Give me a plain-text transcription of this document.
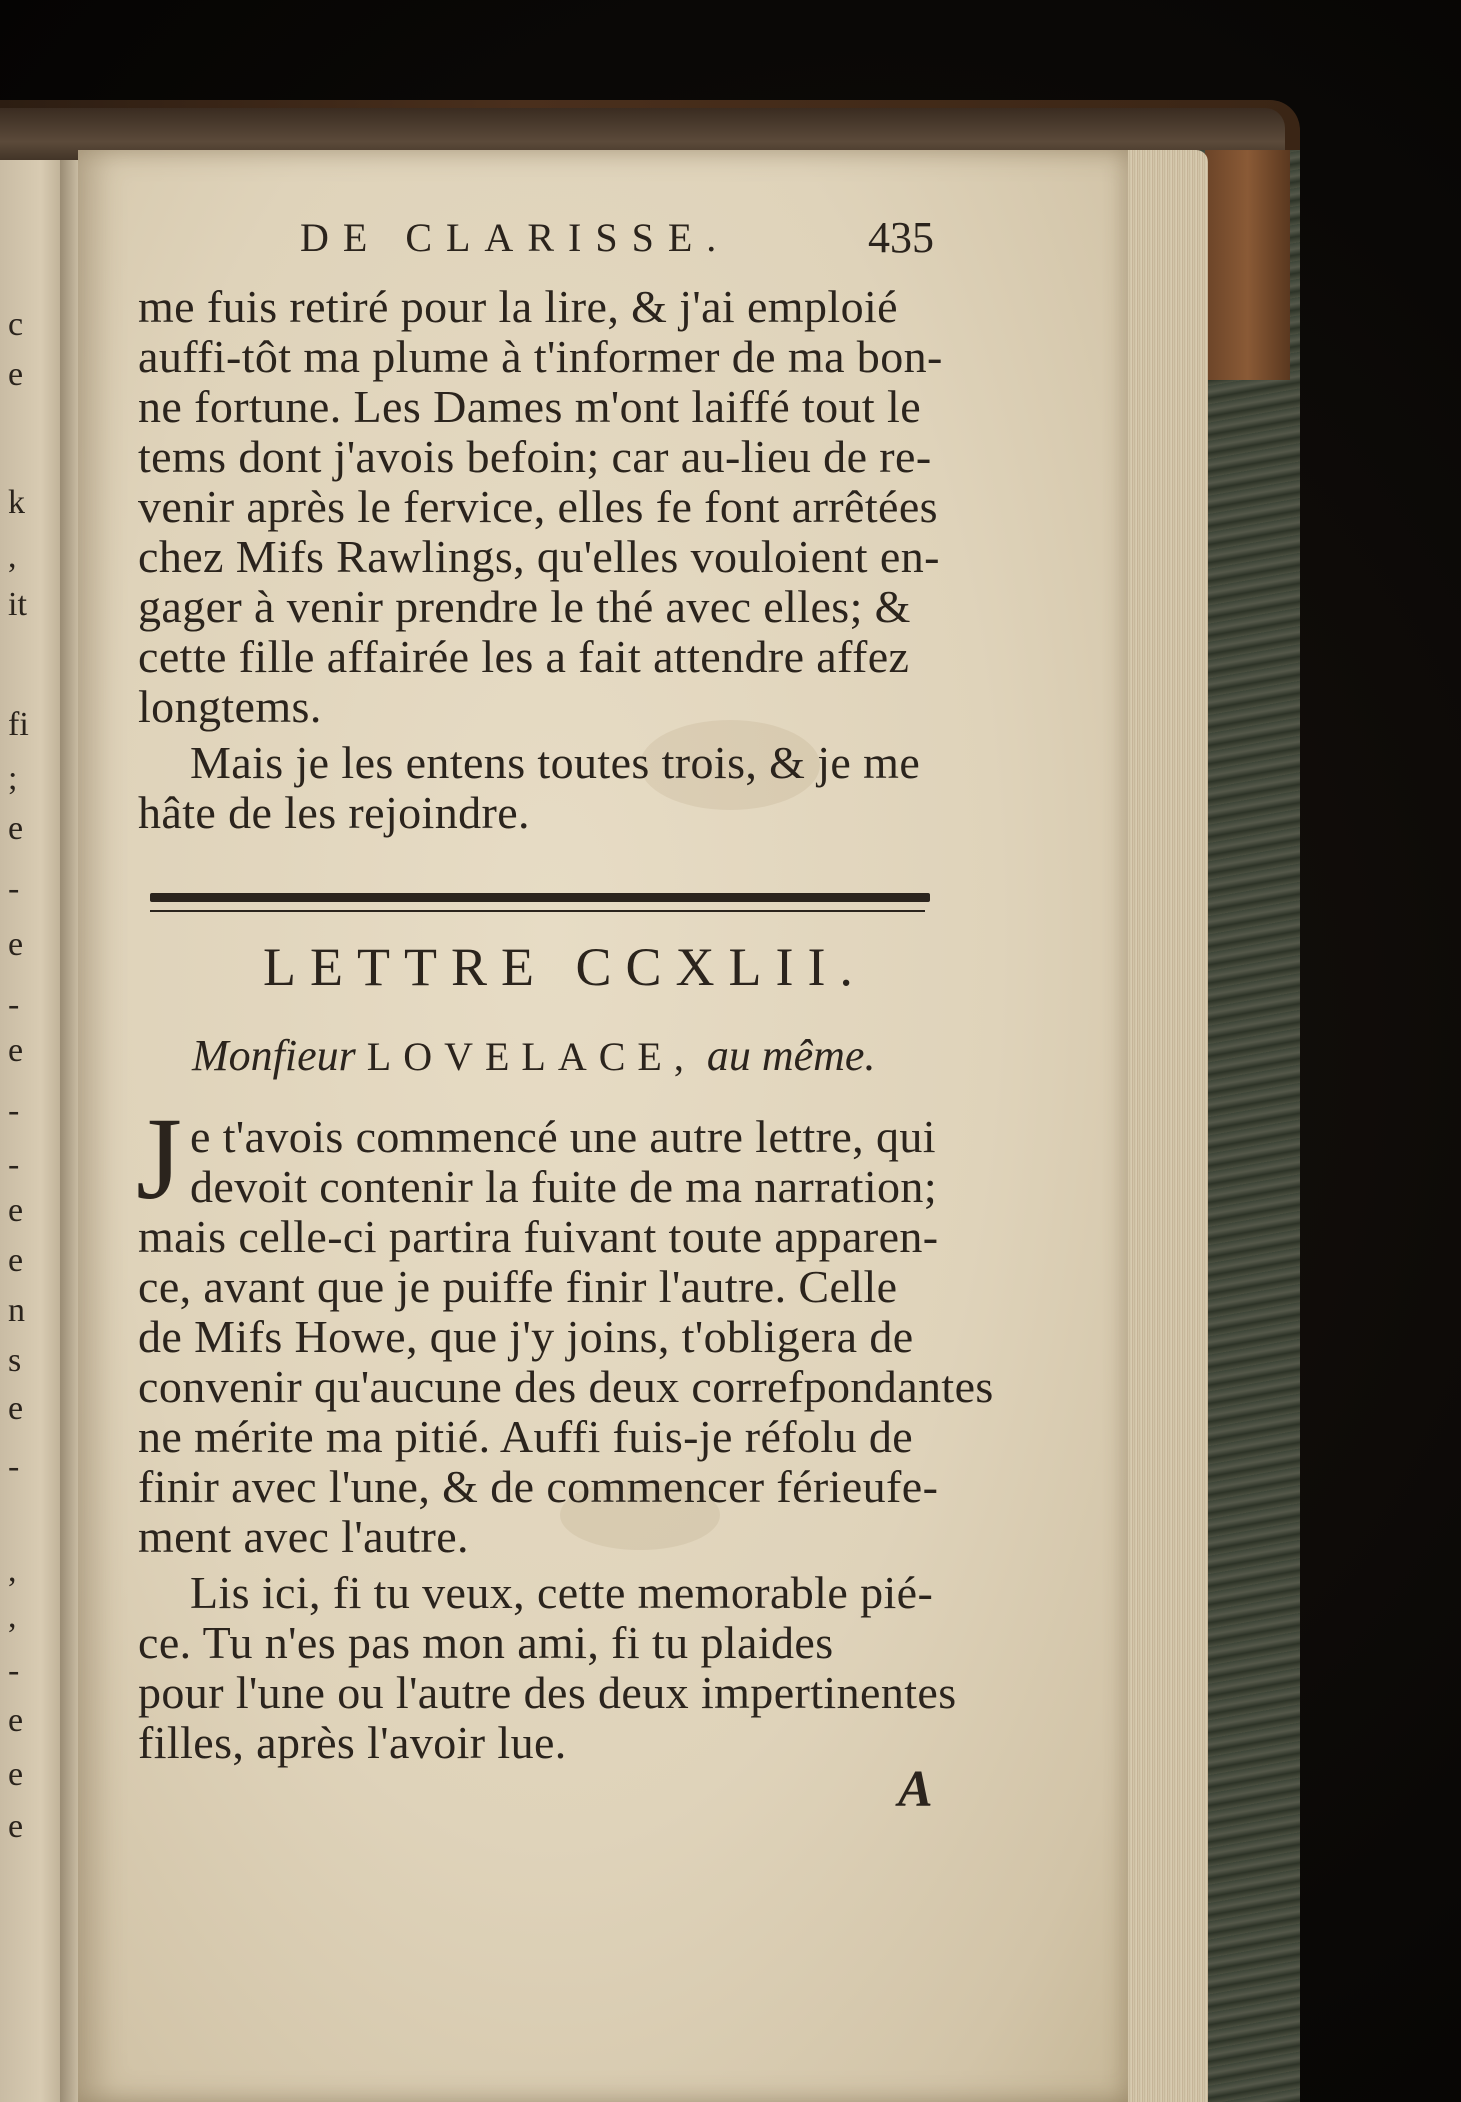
c
e
k
,
it
fi
;
e
-
e
-
e
-
-
e
e
n
s
e
-
,
,
-
e
e
e
DE CLARISSE.	435
me fuis retiré pour la lire, & j'ai emploié
auffi-tôt ma plume à t'informer de ma bon-
ne fortune. Les Dames m'ont laiffé tout le
tems dont j'avois befoin; car au-lieu de re-
venir après le fervice, elles fe font arrêtées
chez Mifs Rawlings, qu'elles vouloient en-
gager à venir prendre le thé avec elles; &
cette fille affairée les a fait attendre affez
longtems.
Mais je les entens toutes trois, & je me
hâte de les rejoindre.
LETTRE CCXLII.
Monfieur LOVELACE, au même.
J e t'avois commencé une autre lettre, qui
devoit contenir la fuite de ma narration;
mais celle-ci partira fuivant toute apparen-
ce, avant que je puiffe finir l'autre. Celle
de Mifs Howe, que j'y joins, t'obligera de
convenir qu'aucune des deux correfpondantes
ne mérite ma pitié. Auffi fuis-je réfolu de
finir avec l'une, & de commencer férieufe-
ment avec l'autre.
Lis ici, fi tu veux, cette memorable pié-
ce. Tu n'es pas mon ami, fi tu plaides
pour l'une ou l'autre des deux impertinentes
filles, après l'avoir lue.
A
